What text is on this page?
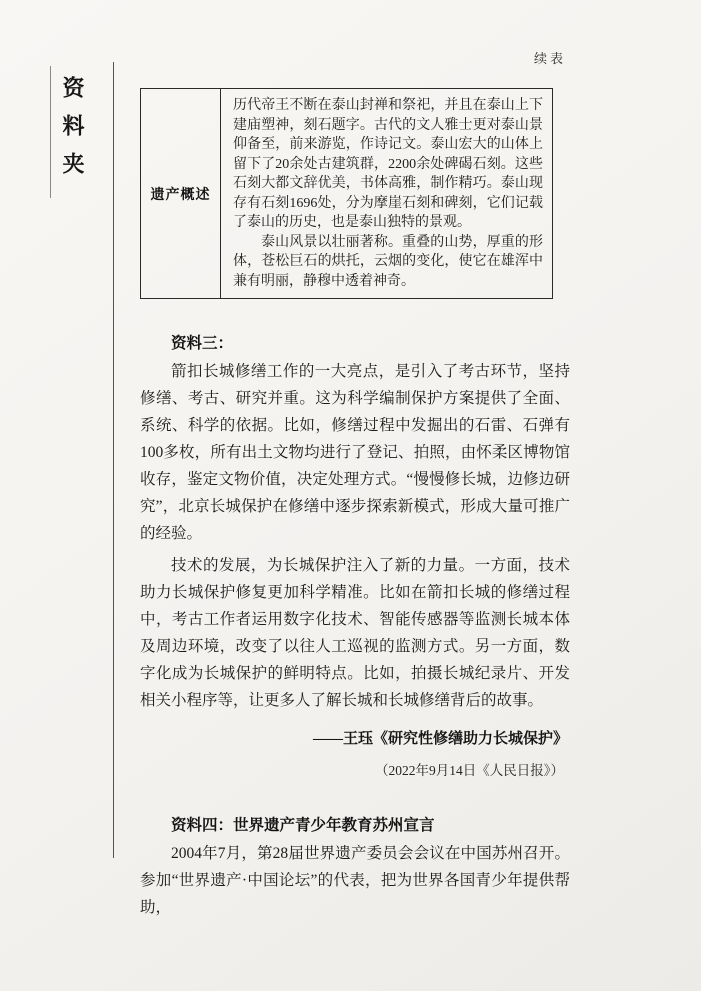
资料夹
续表
遗产概述	

历代帝王不断在泰山封禅和祭祀，并且在泰山上下建庙塑神，刻石题字。古代的文人雅士更对泰山景仰备至，前来游览，作诗记文。泰山宏大的山体上留下了20余处古建筑群，2200余处碑碣石刻。这些石刻大都文辞优美，书体高雅，制作精巧。泰山现存有石刻1696处，分为摩崖石刻和碑刻，它们记载了泰山的历史，也是泰山独特的景观。

泰山风景以壮丽著称。重叠的山势，厚重的形体，苍松巨石的烘托，云烟的变化，使它在雄浑中兼有明丽，静穆中透着神奇。

资料三：

箭扣长城修缮工作的一大亮点，是引入了考古环节，坚持修缮、考古、研究并重。这为科学编制保护方案提供了全面、系统、科学的依据。比如，修缮过程中发掘出的石雷、石弹有100多枚，所有出土文物均进行了登记、拍照，由怀柔区博物馆收存，鉴定文物价值，决定处理方式。“慢慢修长城，边修边研究”，北京长城保护在修缮中逐步探索新模式，形成大量可推广的经验。

技术的发展，为长城保护注入了新的力量。一方面，技术助力长城保护修复更加科学精准。比如在箭扣长城的修缮过程中，考古工作者运用数字化技术、智能传感器等监测长城本体及周边环境，改变了以往人工巡视的监测方式。另一方面，数字化成为长城保护的鲜明特点。比如，拍摄长城纪录片、开发相关小程序等，让更多人了解长城和长城修缮背后的故事。

——王珏《研究性修缮助力长城保护》
（2022年9月14日《人民日报》）
资料四：世界遗产青少年教育苏州宣言

2004年7月，第28届世界遗产委员会会议在中国苏州召开。参加“世界遗产·中国论坛”的代表，把为世界各国青少年提供帮助，
